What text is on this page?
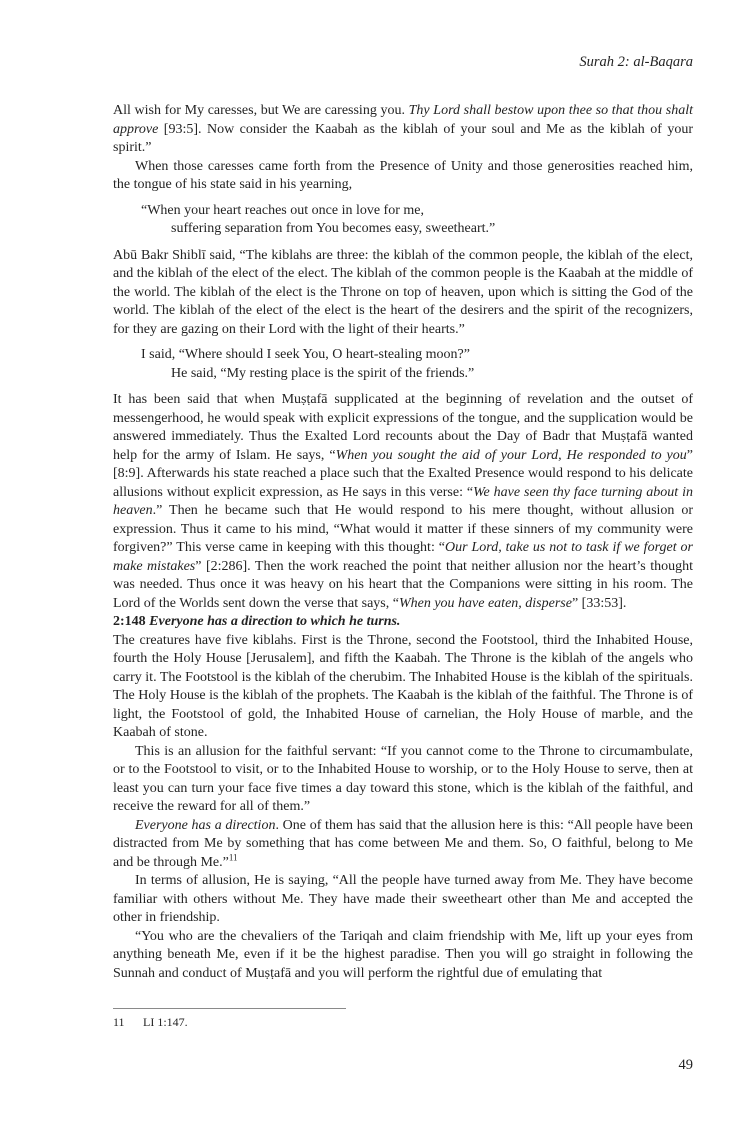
Surah 2: al-Baqara

All wish for My caresses, but We are caressing you. Thy Lord shall bestow upon thee so that thou shalt approve [93:5]. Now consider the Kaabah as the kiblah of your soul and Me as the kiblah of your spirit.”

When those caresses came forth from the Presence of Unity and those generosities reached him, the tongue of his state said in his yearning,

“When your heart reaches out once in love for me,

suffering separation from You becomes easy, sweetheart.”

Abū Bakr Shiblī said, “The kiblahs are three: the kiblah of the common people, the kiblah of the elect, and the kiblah of the elect of the elect. The kiblah of the common people is the Kaabah at the middle of the world. The kiblah of the elect is the Throne on top of heaven, upon which is sitting the God of the world. The kiblah of the elect of the elect is the heart of the desirers and the spirit of the recognizers, for they are gazing on their Lord with the light of their hearts.”

I said, “Where should I seek You, O heart-stealing moon?”

He said, “My resting place is the spirit of the friends.”

It has been said that when Muṣṭafā supplicated at the beginning of revelation and the outset of messengerhood, he would speak with explicit expressions of the tongue, and the supplication would be answered immediately. Thus the Exalted Lord recounts about the Day of Badr that Muṣṭafā wanted help for the army of Islam. He says, “When you sought the aid of your Lord, He responded to you” [8:9]. Afterwards his state reached a place such that the Exalted Presence would respond to his delicate allusions without explicit expression, as He says in this verse: “We have seen thy face turning about in heaven.” Then he became such that He would respond to his mere thought, without allusion or expression. Thus it came to his mind, “What would it matter if these sinners of my community were forgiven?” This verse came in keeping with this thought: “Our Lord, take us not to task if we forget or make mistakes” [2:286]. Then the work reached the point that neither allusion nor the heart’s thought was needed. Thus once it was heavy on his heart that the Companions were sitting in his room. The Lord of the Worlds sent down the verse that says, “When you have eaten, disperse” [33:53].

2:148 Everyone has a direction to which he turns.

The creatures have five kiblahs. First is the Throne, second the Footstool, third the Inhabited House, fourth the Holy House [Jerusalem], and fifth the Kaabah. The Throne is the kiblah of the angels who carry it. The Footstool is the kiblah of the cherubim. The Inhabited House is the kiblah of the spirituals. The Holy House is the kiblah of the prophets. The Kaabah is the kiblah of the faithful. The Throne is of light, the Footstool of gold, the Inhabited House of carnelian, the Holy House of marble, and the Kaabah of stone.

This is an allusion for the faithful servant: “If you cannot come to the Throne to circumambulate, or to the Footstool to visit, or to the Inhabited House to worship, or to the Holy House to serve, then at least you can turn your face five times a day toward this stone, which is the kiblah of the faithful, and receive the reward for all of them.”

Everyone has a direction. One of them has said that the allusion here is this: “All people have been distracted from Me by something that has come between Me and them. So, O faithful, belong to Me and be through Me.”$^{11}$

In terms of allusion, He is saying, “All the people have turned away from Me. They have become familiar with others without Me. They have made their sweetheart other than Me and accepted the other in friendship.

“You who are the chevaliers of the Tariqah and claim friendship with Me, lift up your eyes from anything beneath Me, even if it be the highest paradise. Then you will go straight in following the Sunnah and conduct of Muṣṭafā and you will perform the rightful due of emulating that

11 LI 1:147.
49
